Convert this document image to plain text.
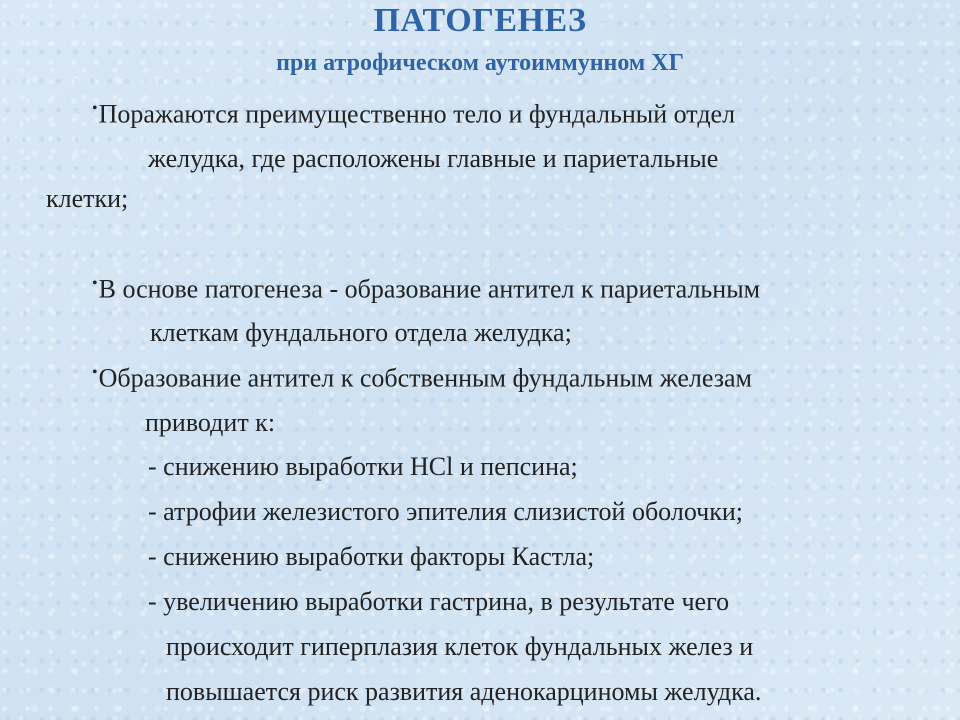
ПАТОГЕНЕЗ
при атрофическом аутоиммунном ХГ
•Поражаются преимущественно тело и фундальный отдел
желудка, где расположены главные и париетальные
клетки;
•В основе патогенеза - образование антител к париетальным
клеткам фундального отдела желудка;
•Образование антител к собственным фундальным железам
приводит к:
- снижению выработки HCl и пепсина;
- атрофии железистого эпителия слизистой оболочки;
- снижению выработки факторы Кастла;
- увеличению выработки гастрина, в результате чего
происходит гиперплазия клеток фундальных желез и
повышается риск развития аденокарциномы желудка.
